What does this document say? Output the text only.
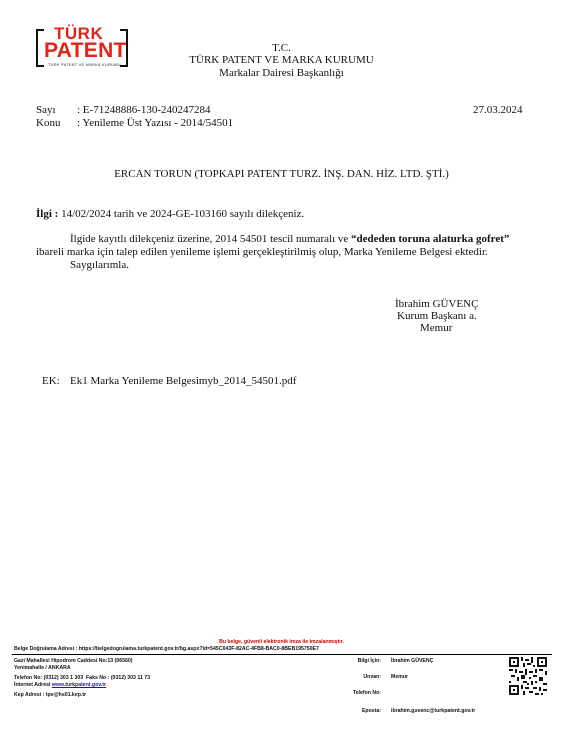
TÜRK
PATENT
TÜRK PATENT VE MARKA KURUMU
T.C.
TÜRK PATENT VE MARKA KURUMU
Markalar Dairesi Başkanlığı
Sayı : E-71248886-130-240247284	27.03.2024
Konu : Yenileme Üst Yazısı - 2014/54501
ERCAN TORUN (TOPKAPI PATENT TURZ. İNŞ. DAN. HİZ. LTD. ŞTİ.)
İlgi : 14/02/2024 tarih ve 2024-GE-103160 sayılı dilekçeniz.
İlgide kayıtlı dilekçeniz üzerine, 2014 54501 tescil numaralı ve “dededen toruna alaturka gofret”
ibareli marka için talep edilen yenileme işlemi gerçekleştirilmiş olup, Marka Yenileme Belgesi ektedir.
Saygılarımla.
İbrahim GÜVENÇ
Kurum Başkanı a.
Memur
EK: Ek1 Marka Yenileme Belgesimyb_2014_54501.pdf
Bu belge, güvenli elektronik imza ile imzalanmıştır.
Belge Doğrulama Adresi : https://belgedogrulama.turkpatent.gov.tr/bg.aspx?Id=545C043F-82AC-4FB8-BAC0-8BEB195750E7
Gazi Mahallesi Hipodrom Caddesi No:13 (06560)
Yenimahalle / ANKARA
Telefon No: (0312) 303 1 303 Faks No : (0312) 303 11 73
İnternet Adresi www.turkpatent.gov.tr
Kep Adresi : tpe@hs01.kep.tr
Bilgi İçin: İbrahim GÜVENÇ
Unvan: Memur
Telefon No:
Eposta: ibrahim.guvenc@turkpatent.gov.tr
